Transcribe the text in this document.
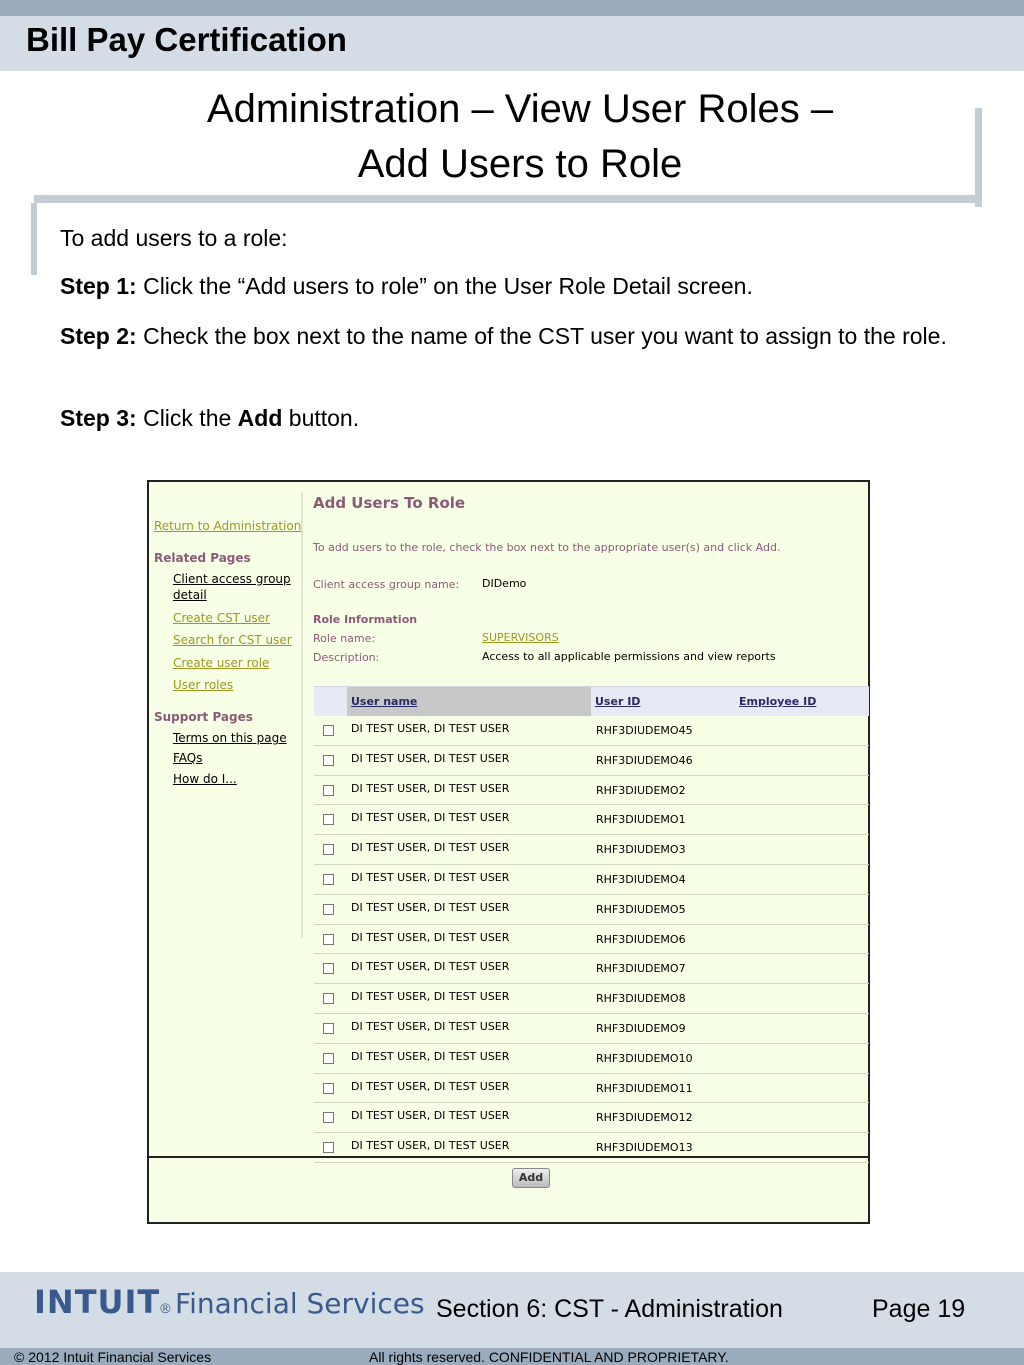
Bill Pay Certification
Administration – View User Roles –
Add Users to Role
To add users to a role:
Step 1: Click the “Add users to role” on the User Role Detail screen.
Step 2: Check the box next to the name of the CST user you want to assign to the role.
Step 3: Click the Add button.
Return to Administration
Related Pages
Client access group
detail
Create CST user
Search for CST user
Create user role
User roles
Support Pages
Terms on this page
FAQs
How do I...
Add Users To Role
To add users to the role, check the box next to the appropriate user(s) and click Add.
Client access group name: DIDemo
Role Information
Role name:	SUPERVISORS
Description:	Access to all applicable permissions and view reports
User name	User ID	Employee ID
DI TEST USER, DI TEST USER	RHF3DIUDEMO45
DI TEST USER, DI TEST USER	RHF3DIUDEMO46
DI TEST USER, DI TEST USER	RHF3DIUDEMO2
DI TEST USER, DI TEST USER	RHF3DIUDEMO1
DI TEST USER, DI TEST USER	RHF3DIUDEMO3
DI TEST USER, DI TEST USER	RHF3DIUDEMO4
DI TEST USER, DI TEST USER	RHF3DIUDEMO5
DI TEST USER, DI TEST USER	RHF3DIUDEMO6
DI TEST USER, DI TEST USER	RHF3DIUDEMO7
DI TEST USER, DI TEST USER	RHF3DIUDEMO8
DI TEST USER, DI TEST USER	RHF3DIUDEMO9
DI TEST USER, DI TEST USER	RHF3DIUDEMO10
DI TEST USER, DI TEST USER	RHF3DIUDEMO11
DI TEST USER, DI TEST USER	RHF3DIUDEMO12
DI TEST USER, DI TEST USER	RHF3DIUDEMO13
Add
INTUIT® Financial Services Section 6: CST - Administration	Page 19
© 2012 Intuit Financial Services	All rights reserved. CONFIDENTIAL AND PROPRIETARY.
